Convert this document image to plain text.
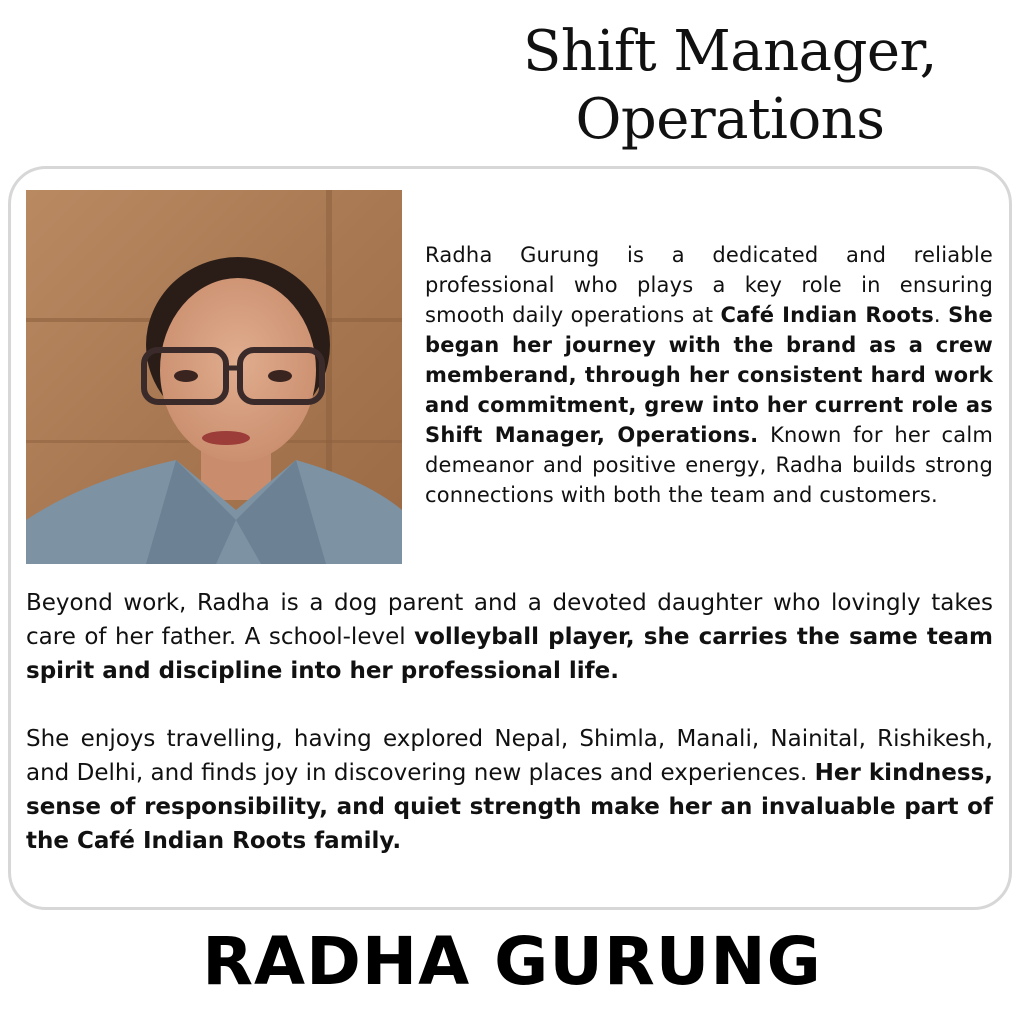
Shift Manager,
Operations

Radha Gurung is a dedicated and reliable professional who plays a key role in ensuring smooth daily operations at Café Indian Roots. She began her journey with the brand as a crew memberand, through her consistent hard work and commitment, grew into her current role as Shift Manager, Operations. Known for her calm demeanor and positive energy, Radha builds strong connections with both the team and customers.

Beyond work, Radha is a dog parent and a devoted daughter who lovingly takes care of her father. A school-level volleyball player, she carries the same team spirit and discipline into her professional life.

She enjoys travelling, having explored Nepal, Shimla, Manali, Nainital, Rishikesh, and Delhi, and finds joy in discovering new places and experiences. Her kindness, sense of responsibility, and quiet strength make her an invaluable part of the Café Indian Roots family.

RADHA GURUNG
